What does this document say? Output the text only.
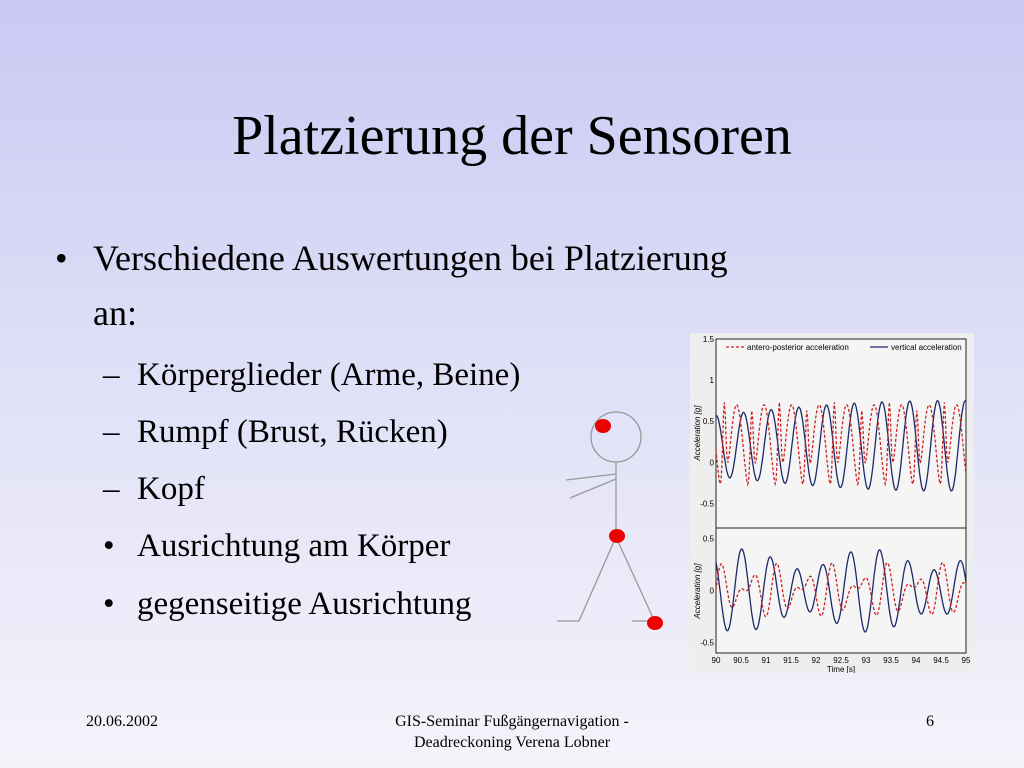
Platzierung der Sensoren
• Verschiedene Auswertungen bei Platzierung
an:
– Körperglieder (Arme, Beine)
– Rumpf (Brust, Rücken)
– Kopf
• Ausrichtung am Körper
• gegenseitige Ausrichtung
antero-posterior acceleration	vertical acceleration
1.5
1
0.5
0
-0.5
0.5
0
-0.5
90 90.5 91 91.5 92 92.5 93 93.5 94 94.5 95
Acceleration [g]
Acceleration [g]
Time [s]
20.06.2002	GIS-Seminar Fußgängernavigation -
Deadreckoning Verena Lobner
6
